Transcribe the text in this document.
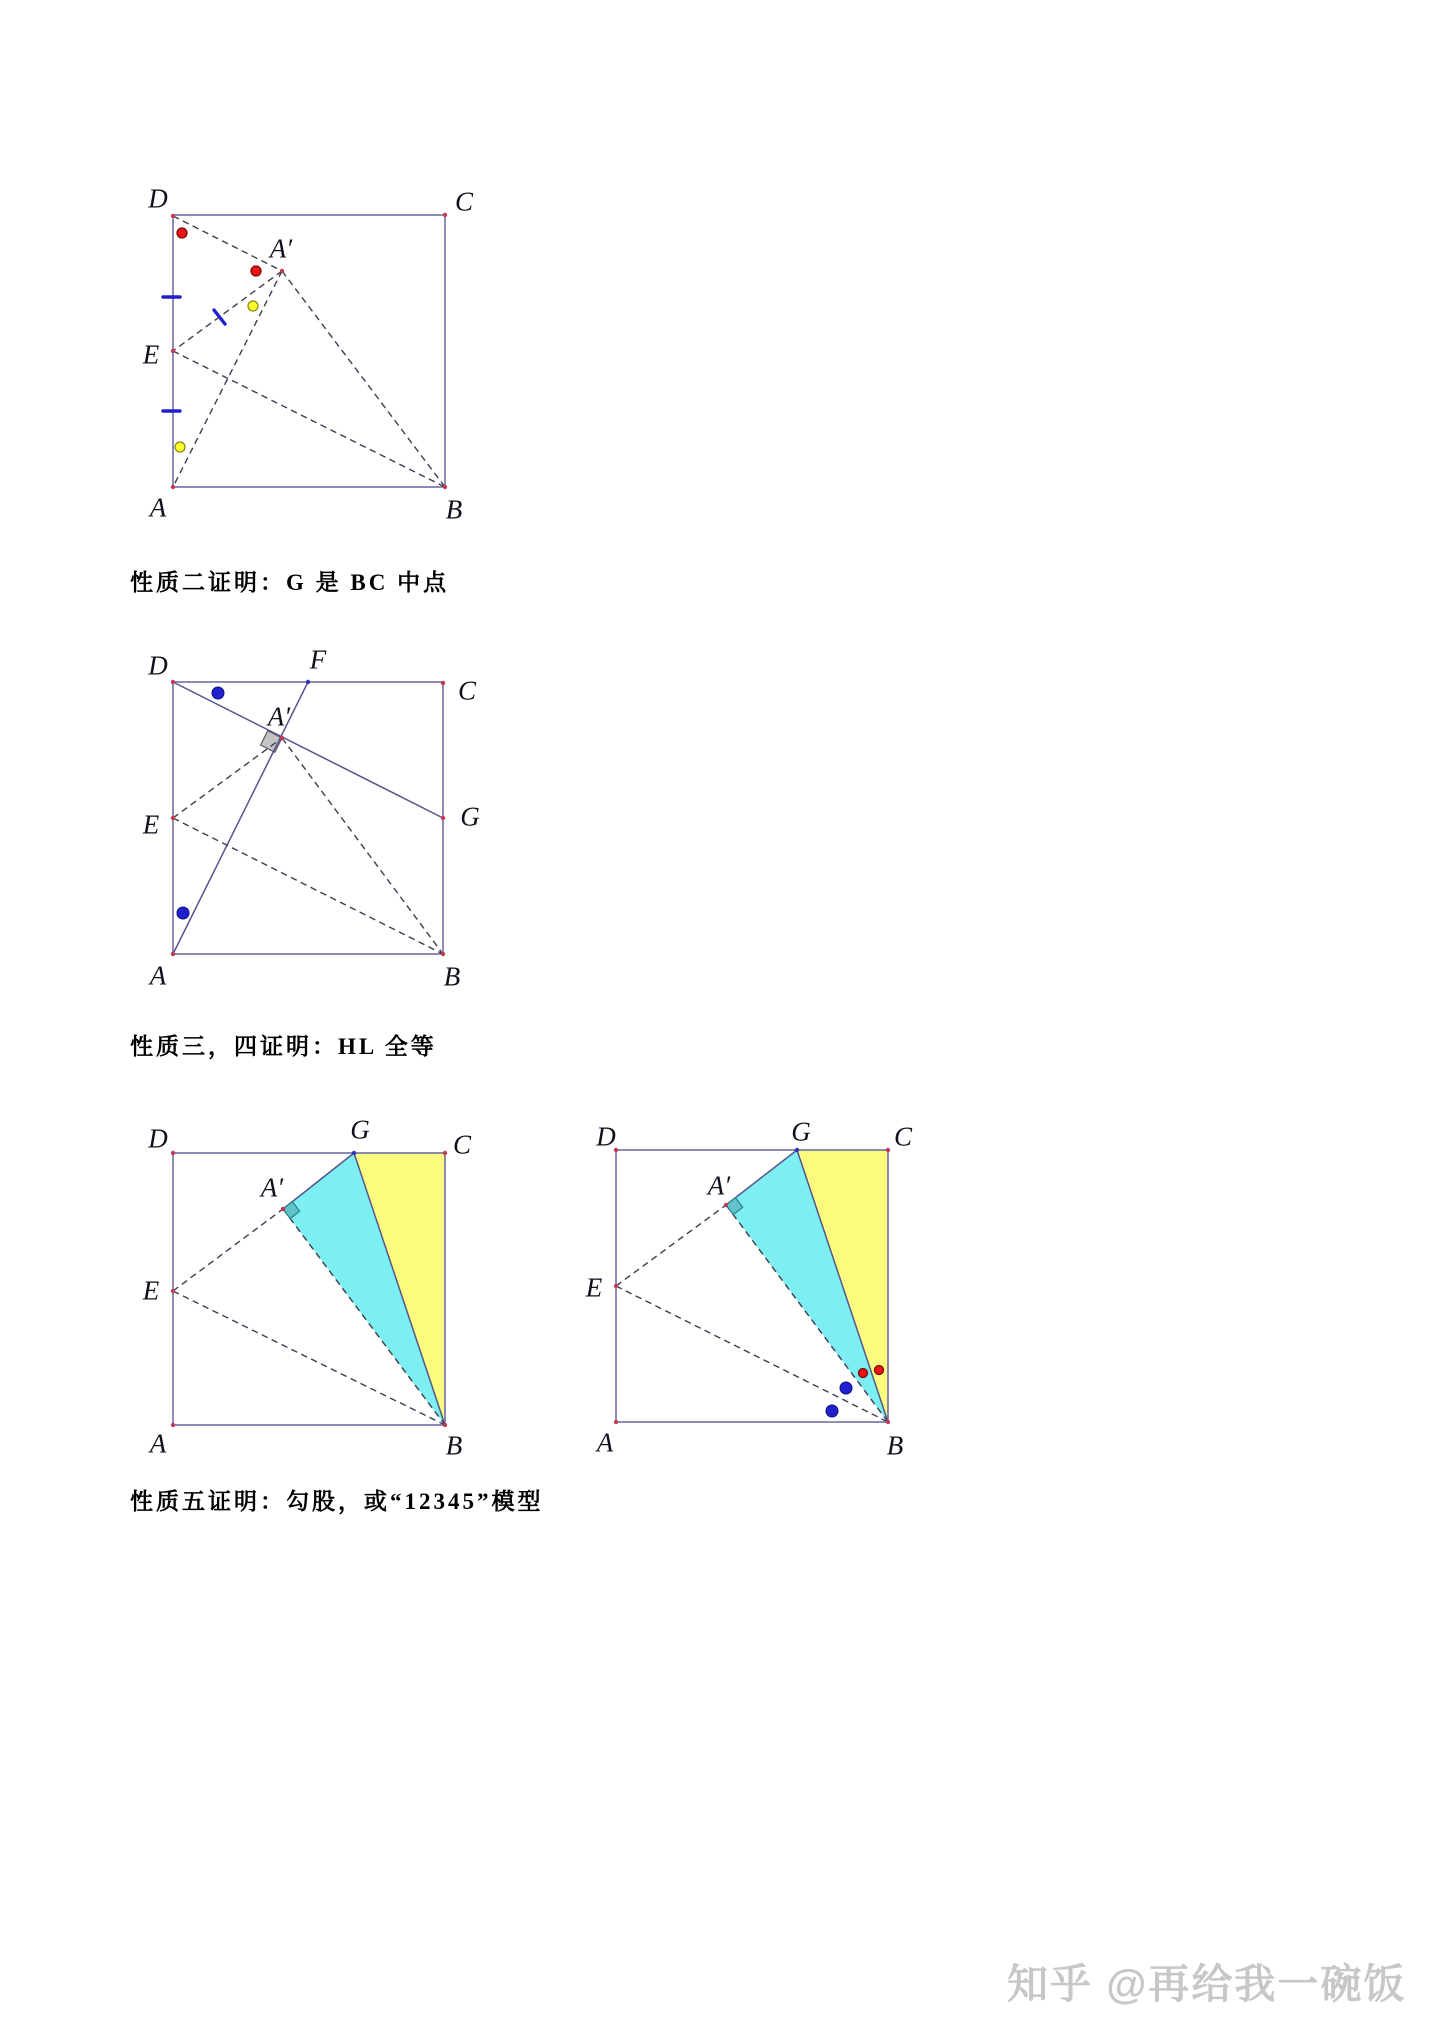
D	C
A′
E
A	B
D	F
C
A′
E	G
A	B
D	G	C
A′
E
A	B
D	G	C
A′
E
A	B
性质二证明：G 是 BC 中点
性质三，四证明：HL 全等
性质五证明：勾股，或“12345”模型
知乎 @再给我一碗饭
